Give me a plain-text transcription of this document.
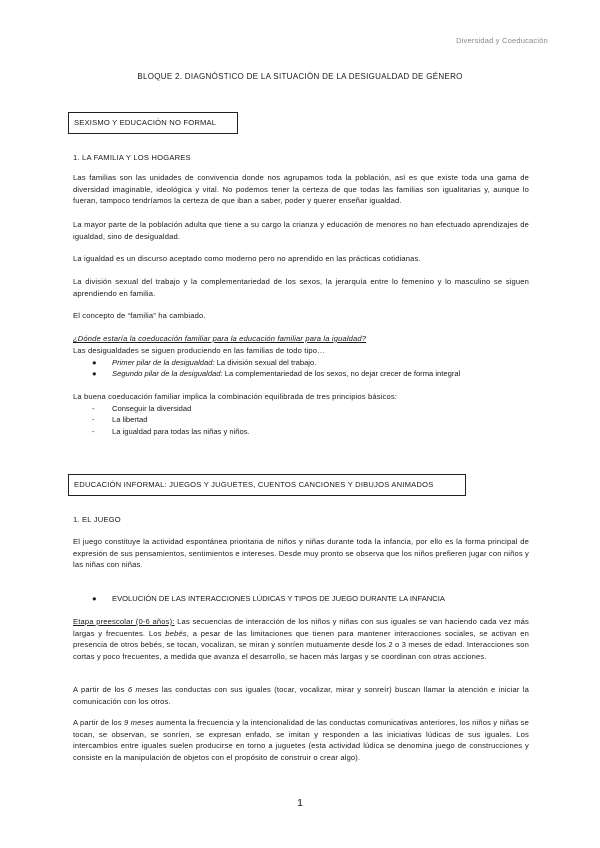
Diversidad y Coeducación
BLOQUE 2. DIAGNÓSTICO DE LA SITUACIÓN DE LA DESIGUALDAD DE GÉNERO
SEXISMO Y EDUCACIÓN NO FORMAL
1. LA FAMILIA Y LOS HOGARES
Las familias son las unidades de convivencia donde nos agrupamos toda la población, así es que existe toda una gama de diversidad imaginable, ideológica y vital. No podemos tener la certeza de que todas las familias son igualitarias y, aunque lo fueran, tampoco tendríamos la certeza de que iban a saber, poder y querer enseñar igualdad.
La mayor parte de la población adulta que tiene a su cargo la crianza y educación de menores no han efectuado aprendizajes de igualdad, sino de desigualdad.
La igualdad es un discurso aceptado como moderno pero no aprendido en las prácticas cotidianas.
La división sexual del trabajo y la complementariedad de los sexos, la jerarquía entre lo femenino y lo masculino se siguen aprendiendo en familia.
El concepto de “familia” ha cambiado.
¿Dónde estaría la coeducación familiar para la educación familiar para la igualdad?
Las desigualdades se siguen produciendo en las familias de todo tipo…
● Primer pilar de la desigualdad: La división sexual del trabajo.
● Segundo pilar de la desigualdad: La complementariedad de los sexos, no dejar crecer de forma integral
La buena coeducación familiar implica la combinación equilibrada de tres principios básicos:
- Conseguir la diversidad
- La libertad
- La igualdad para todas las niñas y niños.
EDUCACIÓN INFORMAL: JUEGOS Y JUGUETES, CUENTOS CANCIONES Y DIBUJOS ANIMADOS
1. EL JUEGO
El juego constituye la actividad espontánea prioritaria de niños y niñas durante toda la infancia, por ello es la forma principal de expresión de sus pensamientos, sentimientos e intereses. Desde muy pronto se observa que los niños prefieren jugar con niños y las niñas con niñas.
● EVOLUCIÓN DE LAS INTERACCIONES LÚDICAS Y TIPOS DE JUEGO DURANTE LA INFANCIA
Etapa preescolar (0-6 años): Las secuencias de interacción de los niños y niñas con sus iguales se van haciendo cada vez más largas y frecuentes. Los bebés, a pesar de las limitaciones que tienen para mantener interacciones sociales, se activan en presencia de otros bebés, se tocan, vocalizan, se miran y sonríen mutuamente desde los 2 o 3 meses de edad. Interacciones son cortas y poco frecuentes, a medida que avanza el desarrollo, se hacen más largas y se coordinan con otras acciones.
A partir de los 6 meses las conductas con sus iguales (tocar, vocalizar, mirar y sonreír) buscan llamar la atención e iniciar la comunicación con los otros.
A partir de los 9 meses aumenta la frecuencia y la intencionalidad de las conductas comunicativas anteriores, los niños y niñas se tocan, se observan, se sonríen, se expresan enfado, se imitan y responden a las iniciativas lúdicas de sus iguales. Los intercambios entre iguales suelen producirse en torno a juguetes (esta actividad lúdica se denomina juego de construcciones y consiste en la manipulación de objetos con el propósito de construir o crear algo).
1
